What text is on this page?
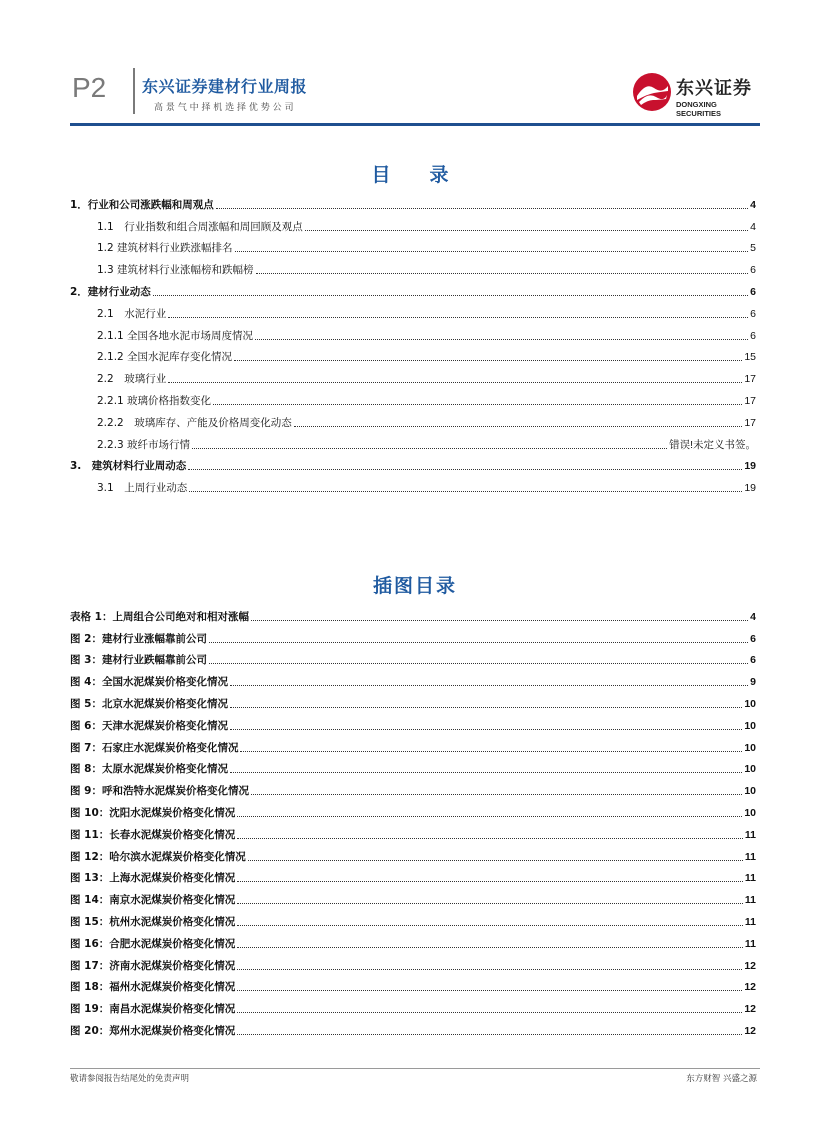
P2 东兴证券建材行业周报
高 景 气 中 择 机 选 择 优 势 公 司
东兴证券
DONGXING SECURITIES
目　录
1．行业和公司涨跌幅和周观点	4
1.1　行业指数和组合周涨幅和周回顾及观点	4
1.2 建筑材料行业跌涨幅排名	5
1.3 建筑材料行业涨幅榜和跌幅榜	6
2．建材行业动态	6
2.1　水泥行业	6
2.1.1 全国各地水泥市场周度情况	6
2.1.2 全国水泥库存变化情况	15
2.2　玻璃行业	17
2.2.1 玻璃价格指数变化	17
2.2.2　玻璃库存、产能及价格周变化动态	17
2.2.3 玻纤市场行情	错误!未定义书签。
3.　建筑材料行业周动态	19
3.1　上周行业动态	19
插图目录
表格 1：上周组合公司绝对和相对涨幅	4
图 2：建材行业涨幅靠前公司	6
图 3：建材行业跌幅靠前公司	6
图 4：全国水泥煤炭价格变化情况	9
图 5：北京水泥煤炭价格变化情况	10
图 6：天津水泥煤炭价格变化情况	10
图 7：石家庄水泥煤炭价格变化情况	10
图 8：太原水泥煤炭价格变化情况	10
图 9：呼和浩特水泥煤炭价格变化情况	10
图 10：沈阳水泥煤炭价格变化情况	10
图 11：长春水泥煤炭价格变化情况	11
图 12：哈尔滨水泥煤炭价格变化情况	11
图 13：上海水泥煤炭价格变化情况	11
图 14：南京水泥煤炭价格变化情况	11
图 15：杭州水泥煤炭价格变化情况	11
图 16：合肥水泥煤炭价格变化情况	11
图 17：济南水泥煤炭价格变化情况	12
图 18：福州水泥煤炭价格变化情况	12
图 19：南昌水泥煤炭价格变化情况	12
图 20：郑州水泥煤炭价格变化情况	12
敬请参阅报告结尾处的免责声明	东方财智 兴盛之源
